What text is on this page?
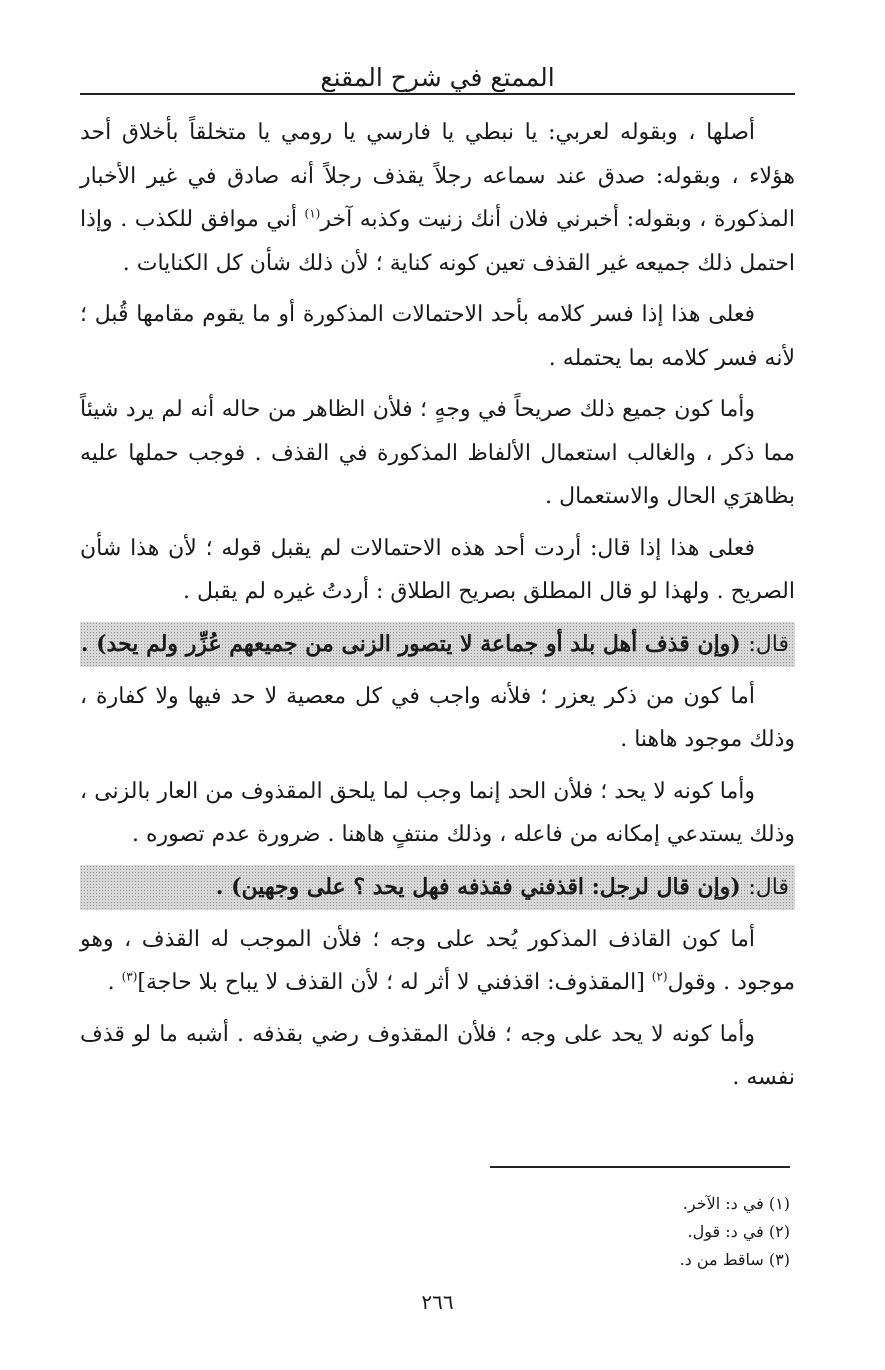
الممتع في شرح المقنع

أصلها ، وبقوله لعربي: يا نبطي يا فارسي يا رومي يا متخلقاً بأخلاق أحد هؤلاء ، وبقوله: صدق عند سماعه رجلاً يقذف رجلاً أنه صادق في غير الأخبار المذكورة ، وبقوله: أخبرني فلان أنك زنيت وكذبه آخر$^{(١)}$ أني موافق للكذب . وإذا احتمل ذلك جميعه غير القذف تعين كونه كناية ؛ لأن ذلك شأن كل الكنايات .

فعلى هذا إذا فسر كلامه بأحد الاحتمالات المذكورة أو ما يقوم مقامها قُبل ؛ لأنه فسر كلامه بما يحتمله .

وأما كون جميع ذلك صريحاً في وجهٍ ؛ فلأن الظاهر من حاله أنه لم يرد شيئاً مما ذكر ، والغالب استعمال الألفاظ المذكورة في القذف . فوجب حملها عليه بظاهرَي الحال والاستعمال .

فعلى هذا إذا قال: أردت أحد هذه الاحتمالات لم يقبل قوله ؛ لأن هذا شأن الصريح . ولهذا لو قال المطلق بصريح الطلاق : أردتُ غيره لم يقبل .

قال: (وإن قذف أهل بلد أو جماعة لا يتصور الزنى من جميعهم عُزِّر ولم يحد) .

أما كون من ذكر يعزر ؛ فلأنه واجب في كل معصية لا حد فيها ولا كفارة ، وذلك موجود هاهنا .

وأما كونه لا يحد ؛ فلأن الحد إنما وجب لما يلحق المقذوف من العار بالزنى ، وذلك يستدعي إمكانه من فاعله ، وذلك منتفٍ هاهنا . ضرورة عدم تصوره .

قال: (وإن قال لرجل: اقذفني فقذفه فهل يحد ؟ على وجهين) .

أما كون القاذف المذكور يُحد على وجه ؛ فلأن الموجب له القذف ، وهو موجود . وقول$^{(٢)}$ [المقذوف: اقذفني لا أثر له ؛ لأن القذف لا يباح بلا حاجة]$^{(٣)}$ .

وأما كونه لا يحد على وجه ؛ فلأن المقذوف رضي بقذفه . أشبه ما لو قذف نفسه .

(١) في د: الآخر.
(٢) في د: قول.
(٣) ساقط من د.
٢٦٦
